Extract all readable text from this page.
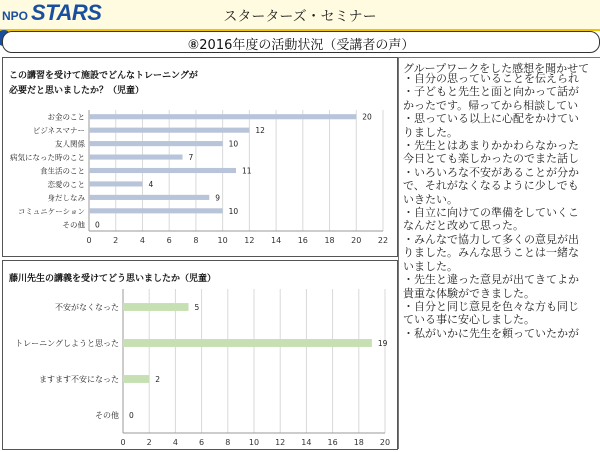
NPO STARS	スターターズ・セミナー
⑧2016年度の活動状況（受講者の声）
この講習を受けて施設でどんなトレーニングが
必要だと思いましたか？（児童）
0	2	4	6	8 10 12 14 16 18 20 22
お金のこと	20
ビジネスマナー	12
友人関係	10
病気になった時のこと	7
食生活のこと	11
恋愛のこと	4
身だしなみ	9
コミュニケーション	10
その他 0
藤川先生の講義を受けてどう思いましたか（児童）
0	2	4	6	8 10 12 14 16 18 20
不安がなくなった	5
トレーニングしようと思った	19
ますます不安になった	2
その他 0
グループワークをした感想を聞かせて
・自分の思っていることを伝えられ
・子どもと先生と面と向かって話が
かったです。帰ってから相談してい
・思っている以上に心配をかけてい
りました。
・先生とはあまりかかわらなかった
今日とても楽しかったのでまた話し
・いろいろな不安があることが分か
で、それがなくなるように少しでも
いきたい。
・自立に向けての準備をしていくこ
なんだと改めて思った。
・みんなで協力して多くの意見が出
りました。みんな思うことは一緒な
いました。
・先生と違った意見が出てきてよか
貴重な体験ができました。
・自分と同じ意見を色々な方も同じ
ている事に安心しました。
・私がいかに先生を頼っていたかが
